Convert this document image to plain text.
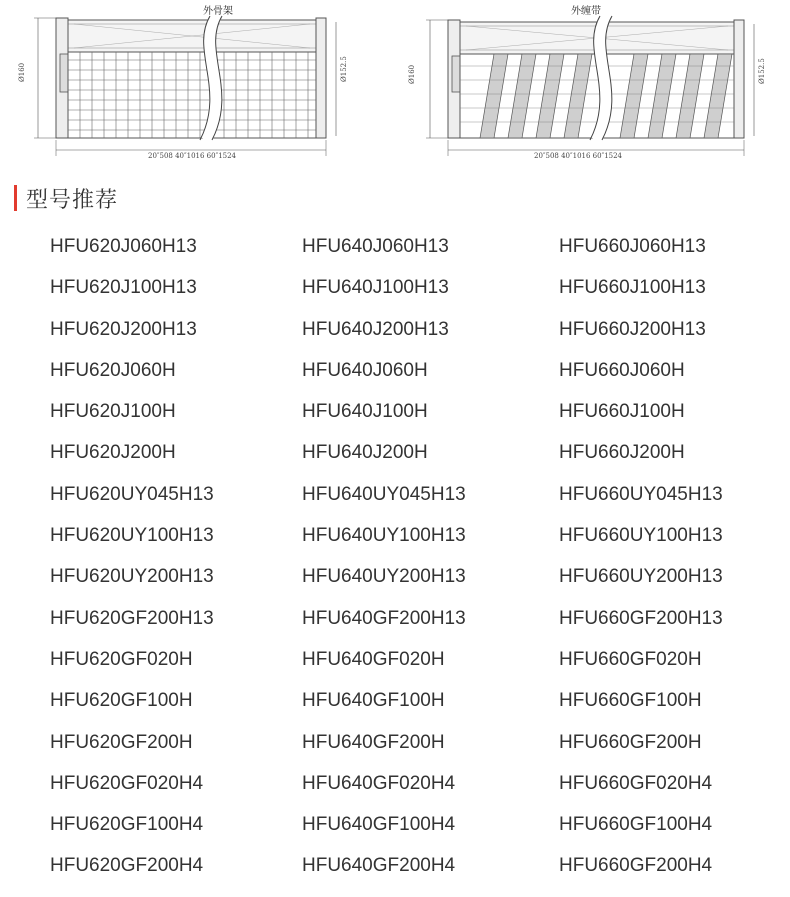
Ø160	Ø152.5
20″508 40″1016 60″1524
外骨架
Ø160	Ø152.5
20″508 40″1016 60″1524
外缠带
型号推荐
HFU620J060H13	HFU640J060H13	HFU660J060H13
HFU620J100H13	HFU640J100H13	HFU660J100H13
HFU620J200H13	HFU640J200H13	HFU660J200H13
HFU620J060H	HFU640J060H	HFU660J060H
HFU620J100H	HFU640J100H	HFU660J100H
HFU620J200H	HFU640J200H	HFU660J200H
HFU620UY045H13	HFU640UY045H13	HFU660UY045H13
HFU620UY100H13	HFU640UY100H13	HFU660UY100H13
HFU620UY200H13	HFU640UY200H13	HFU660UY200H13
HFU620GF200H13	HFU640GF200H13	HFU660GF200H13
HFU620GF020H	HFU640GF020H	HFU660GF020H
HFU620GF100H	HFU640GF100H	HFU660GF100H
HFU620GF200H	HFU640GF200H	HFU660GF200H
HFU620GF020H4	HFU640GF020H4	HFU660GF020H4
HFU620GF100H4	HFU640GF100H4	HFU660GF100H4
HFU620GF200H4	HFU640GF200H4	HFU660GF200H4
